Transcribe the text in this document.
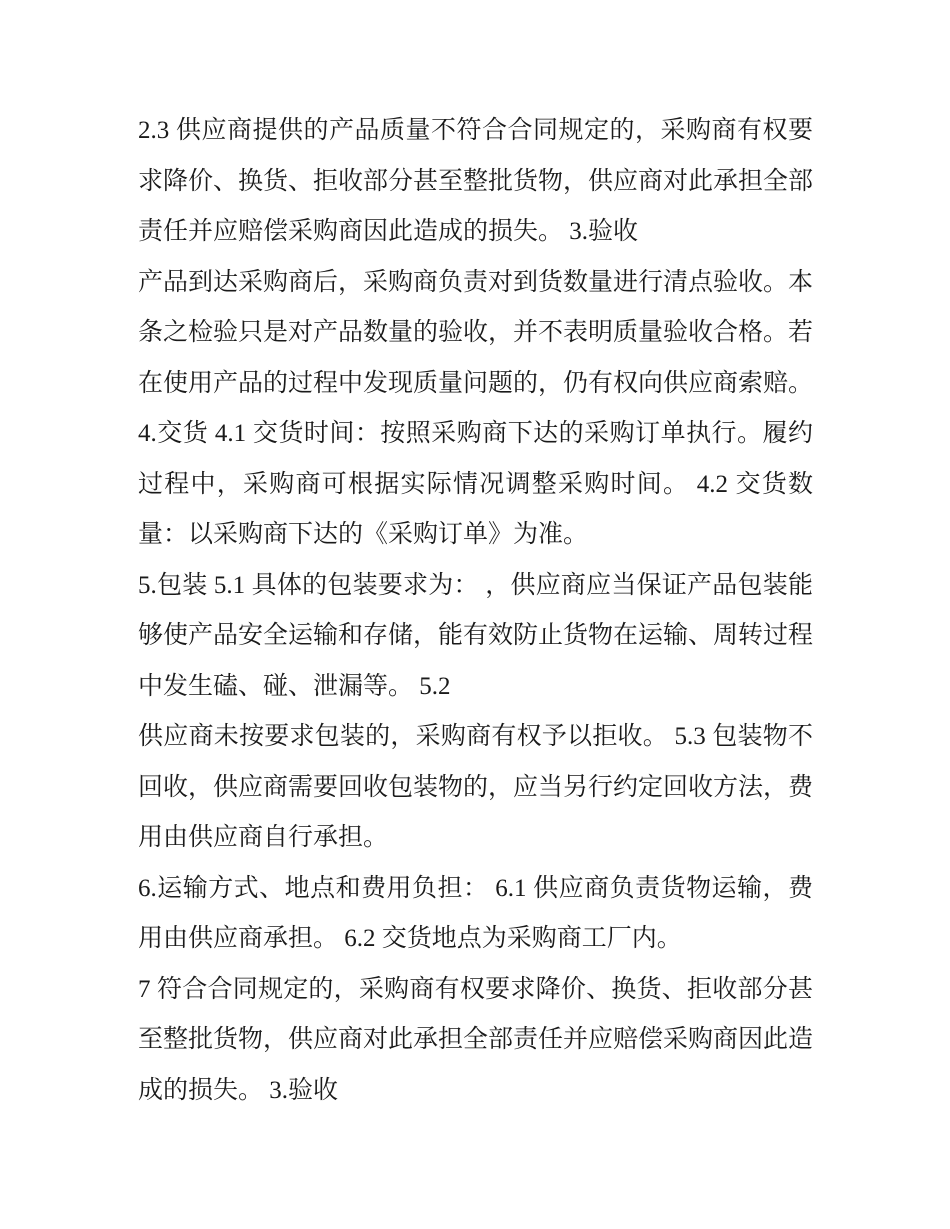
2.3 供应商提供的产品质量不符合合同规定的，采购商有权要
求降价、换货、拒收部分甚至整批货物，供应商对此承担全部
责任并应赔偿采购商因此造成的损失。 3.验收
产品到达采购商后，采购商负责对到货数量进行清点验收。本
条之检验只是对产品数量的验收，并不表明质量验收合格。若
在使用产品的过程中发现质量问题的，仍有权向供应商索赔。
4.交货 4.1 交货时间：按照采购商下达的采购订单执行。履约
过程中，采购商可根据实际情况调整采购时间。 4.2 交货数
量：以采购商下达的《采购订单》为准。
5.包装 5.1 具体的包装要求为： ，供应商应当保证产品包装能
够使产品安全运输和存储，能有效防止货物在运输、周转过程
中发生磕、碰、泄漏等。 5.2
供应商未按要求包装的，采购商有权予以拒收。 5.3 包装物不
回收，供应商需要回收包装物的，应当另行约定回收方法，费
用由供应商自行承担。
6.运输方式、地点和费用负担： 6.1 供应商负责货物运输，费
用由供应商承担。 6.2 交货地点为采购商工厂内。
7 符合合同规定的，采购商有权要求降价、换货、拒收部分甚
至整批货物，供应商对此承担全部责任并应赔偿采购商因此造
成的损失。 3.验收
